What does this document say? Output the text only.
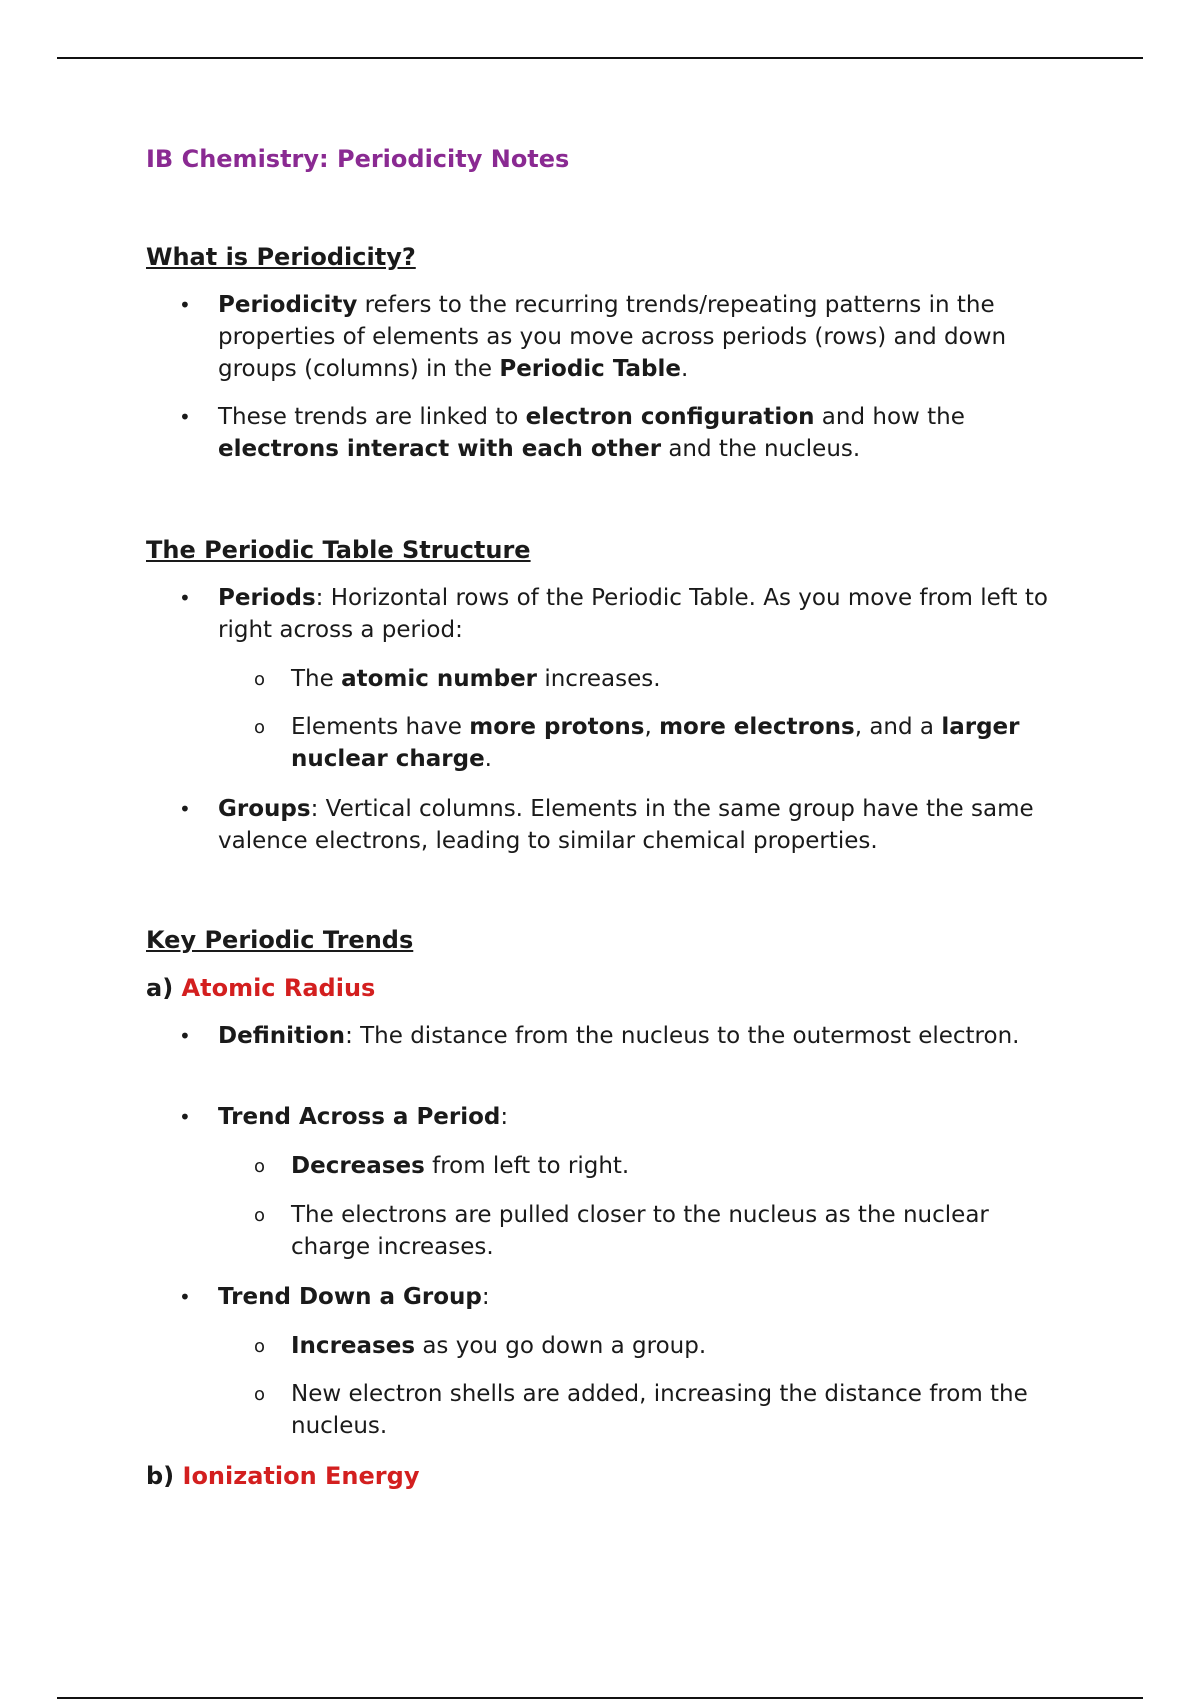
IB Chemistry: Periodicity Notes
What is Periodicity?

• Periodicity refers to the recurring trends/repeating patterns in the properties of elements as you move across periods (rows) and down groups (columns) in the Periodic Table.

• These trends are linked to electron configuration and how the electrons interact with each other and the nucleus.

The Periodic Table Structure

• Periods: Horizontal rows of the Periodic Table. As you move from left to right across a period:

o The atomic number increases.

o Elements have more protons, more electrons, and a larger nuclear charge.

• Groups: Vertical columns. Elements in the same group have the same valence electrons, leading to similar chemical properties.

Key Periodic Trends
a) Atomic Radius

• Definition: The distance from the nucleus to the outermost electron.

• Trend Across a Period:

o Decreases from left to right.

o The electrons are pulled closer to the nucleus as the nuclear charge increases.

• Trend Down a Group:

o Increases as you go down a group.

o New electron shells are added, increasing the distance from the nucleus.

b) Ionization Energy
